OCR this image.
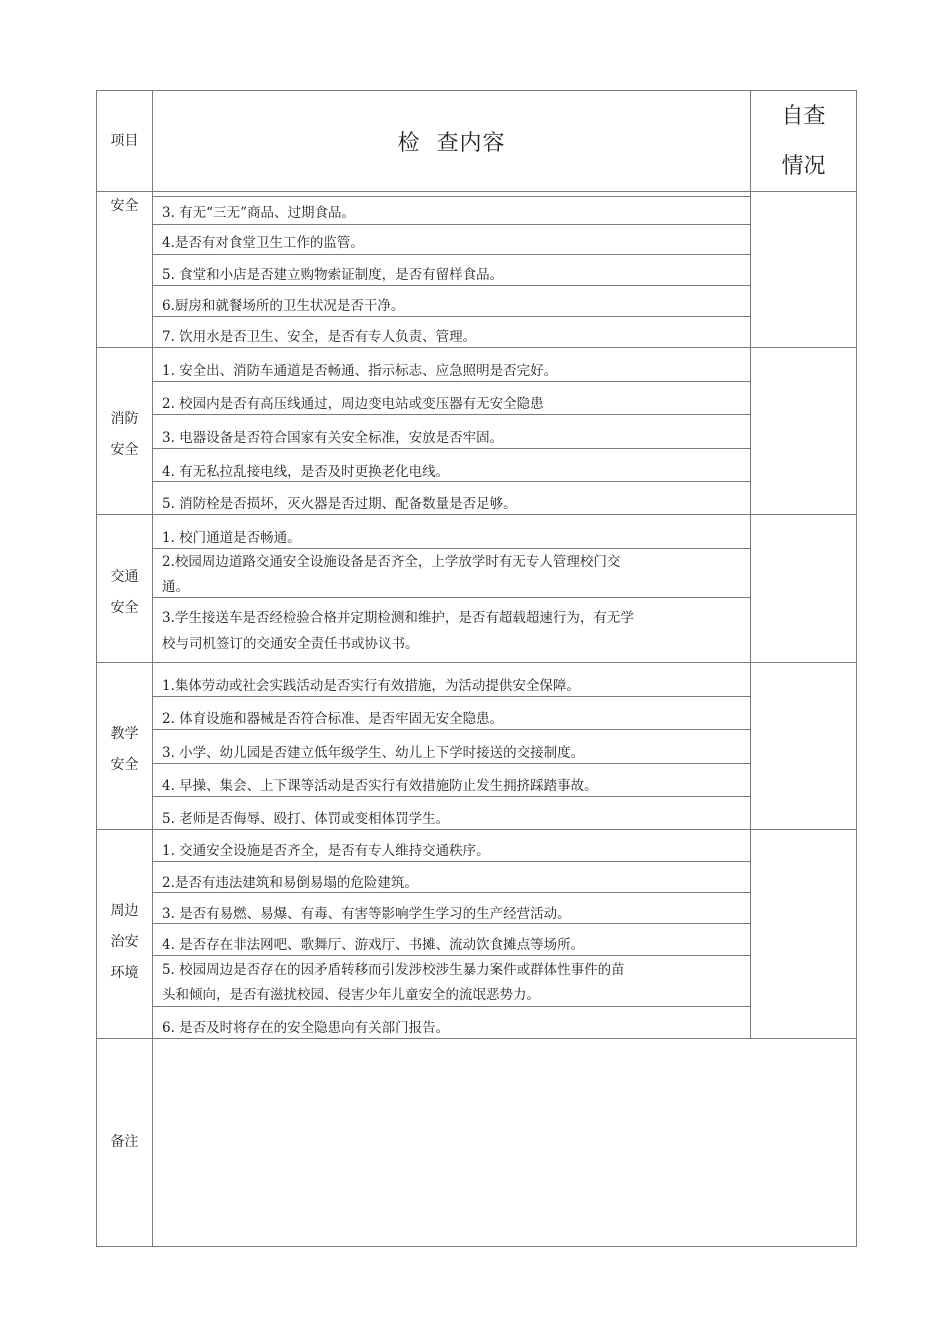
项目	检  查内容
自查
情况
安全	3. 有无“三无”商品、过期食品。
4.是否有对食堂卫生工作的监管。
5. 食堂和小店是否建立购物索证制度，是否有留样食品。
6.厨房和就餐场所的卫生状况是否干净。
7. 饮用水是否卫生、安全，是否有专人负责、管理。
消防
安全
1. 安全出、消防车通道是否畅通、指示标志、应急照明是否完好。
2. 校园内是否有高压线通过，周边变电站或变压器有无安全隐患
3. 电器设备是否符合国家有关安全标准，安放是否牢固。
4. 有无私拉乱接电线，是否及时更换老化电线。
5. 消防栓是否损坏，灭火器是否过期、配备数量是否足够。
交通
安全
1. 校门通道是否畅通。
2.校园周边道路交通安全设施设备是否齐全，上学放学时有无专人管理校门交
通。
3.学生接送车是否经检验合格并定期检测和维护，是否有超载超速行为，有无学
校与司机签订的交通安全责任书或协议书。
教学
安全
1.集体劳动或社会实践活动是否实行有效措施，为活动提供安全保障。
2. 体育设施和器械是否符合标准、是否牢固无安全隐患。
3. 小学、幼儿园是否建立低年级学生、幼儿上下学时接送的交接制度。
4. 早操、集会、上下课等活动是否实行有效措施防止发生拥挤踩踏事故。
5. 老师是否侮辱、殴打、体罚或变相体罚学生。
周边
治安
环境
1. 交通安全设施是否齐全，是否有专人维持交通秩序。
2.是否有违法建筑和易倒易塌的危险建筑。
3. 是否有易燃、易爆、有毒、有害等影响学生学习的生产经营活动。
4. 是否存在非法网吧、歌舞厅、游戏厅、书摊、流动饮食摊点等场所。
5. 校园周边是否存在的因矛盾转移而引发涉校涉生暴力案件或群体性事件的苗
头和倾向，是否有滋扰校园、侵害少年儿童安全的流氓恶势力。
6. 是否及时将存在的安全隐患向有关部门报告。
备注
